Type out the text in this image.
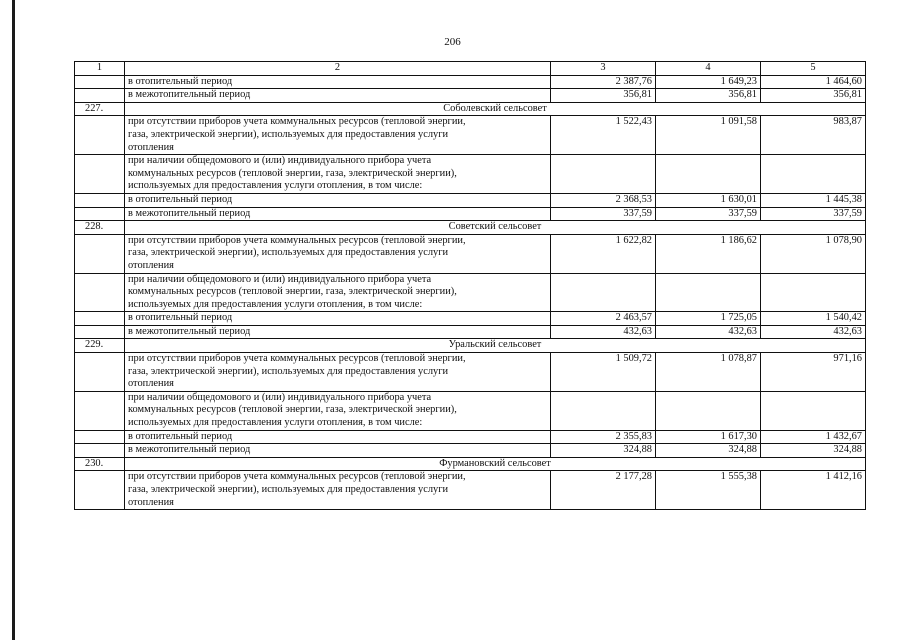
206
1	2	3	4	5
	в отопительный период	2 387,76	1 649,23	1 464,60
	в межотопительный период	356,81	356,81	356,81
227.	Соболевский сельсовет			

	при отсутствии приборов учета коммунальных ресурсов (тепловой энергии,
газа, электрической энергии), используемых для предоставления услуги
отопления	1 522,43	1 091,58	983,87

	при наличии общедомового и (или) индивидуального прибора учета
коммунальных ресурсов (тепловой энергии, газа, электрической энергии),
используемых для предоставления услуги отопления, в том числе:			

	в отопительный период	2 368,53	1 630,01	1 445,38

	в межотопительный период	337,59	337,59	337,59
228.	Советский сельсовет			

	при отсутствии приборов учета коммунальных ресурсов (тепловой энергии,
газа, электрической энергии), используемых для предоставления услуги
отопления	1 622,82	1 186,62	1 078,90

	при наличии общедомового и (или) индивидуального прибора учета
коммунальных ресурсов (тепловой энергии, газа, электрической энергии),
используемых для предоставления услуги отопления, в том числе:			

	в отопительный период	2 463,57	1 725,05	1 540,42

	в межотопительный период	432,63	432,63	432,63
229.	Уральский сельсовет			

	при отсутствии приборов учета коммунальных ресурсов (тепловой энергии,
газа, электрической энергии), используемых для предоставления услуги
отопления	1 509,72	1 078,87	971,16

	при наличии общедомового и (или) индивидуального прибора учета
коммунальных ресурсов (тепловой энергии, газа, электрической энергии),
используемых для предоставления услуги отопления, в том числе:			

	в отопительный период	2 355,83	1 617,30	1 432,67

	в межотопительный период	324,88	324,88	324,88
230.	Фурмановский сельсовет			

	при отсутствии приборов учета коммунальных ресурсов (тепловой энергии,
газа, электрической энергии), используемых для предоставления услуги
отопления	2 177,28	1 555,38	1 412,16
